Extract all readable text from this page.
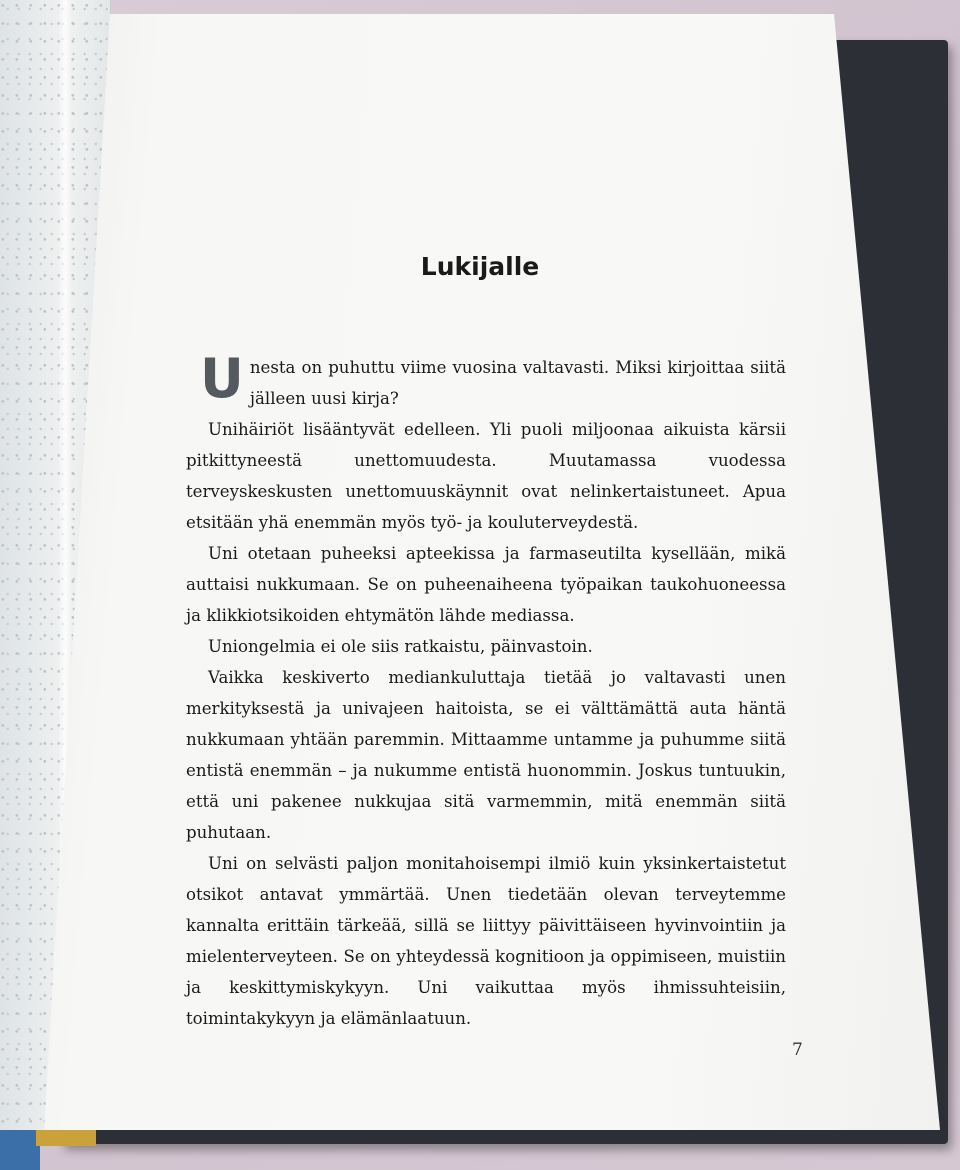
Lukijalle

Unesta on puhuttu viime vuosina valtavasti. Miksi kirjoittaa siitä jälleen uusi kirja?

Unihäiriöt lisääntyvät edelleen. Yli puoli miljoonaa aikuista kärsii pitkittyneestä unettomuudesta. Muutamassa vuodessa terveyskeskusten unettomuuskäynnit ovat nelinkertaistuneet. Apua etsitään yhä enemmän myös työ- ja kouluterveydestä.

Uni otetaan puheeksi apteekissa ja farmaseutilta kysellään, mikä auttaisi nukkumaan. Se on puheenaiheena työpaikan taukohuoneessa ja klikkiotsikoiden ehtymätön lähde mediassa.

Uniongelmia ei ole siis ratkaistu, päinvastoin.

Vaikka keskiverto mediankuluttaja tietää jo valtavasti unen merkityksestä ja univajeen haitoista, se ei välttämättä auta häntä nukkumaan yhtään paremmin. Mittaamme untamme ja puhumme siitä entistä enemmän – ja nukumme entistä huonommin. Joskus tuntuukin, että uni pakenee nukkujaa sitä varmemmin, mitä enemmän siitä puhutaan.

Uni on selvästi paljon monitahoisempi ilmiö kuin yksinkertaistetut otsikot antavat ymmärtää. Unen tiedetään olevan terveytemme kannalta erittäin tärkeää, sillä se liittyy päivittäiseen hyvinvointiin ja mielenterveyteen. Se on yhteydessä kognitioon ja oppimiseen, muistiin ja keskittymiskykyyn. Uni vaikuttaa myös ihmissuhteisiin, toimintakykyyn ja elämänlaatuun.

7
